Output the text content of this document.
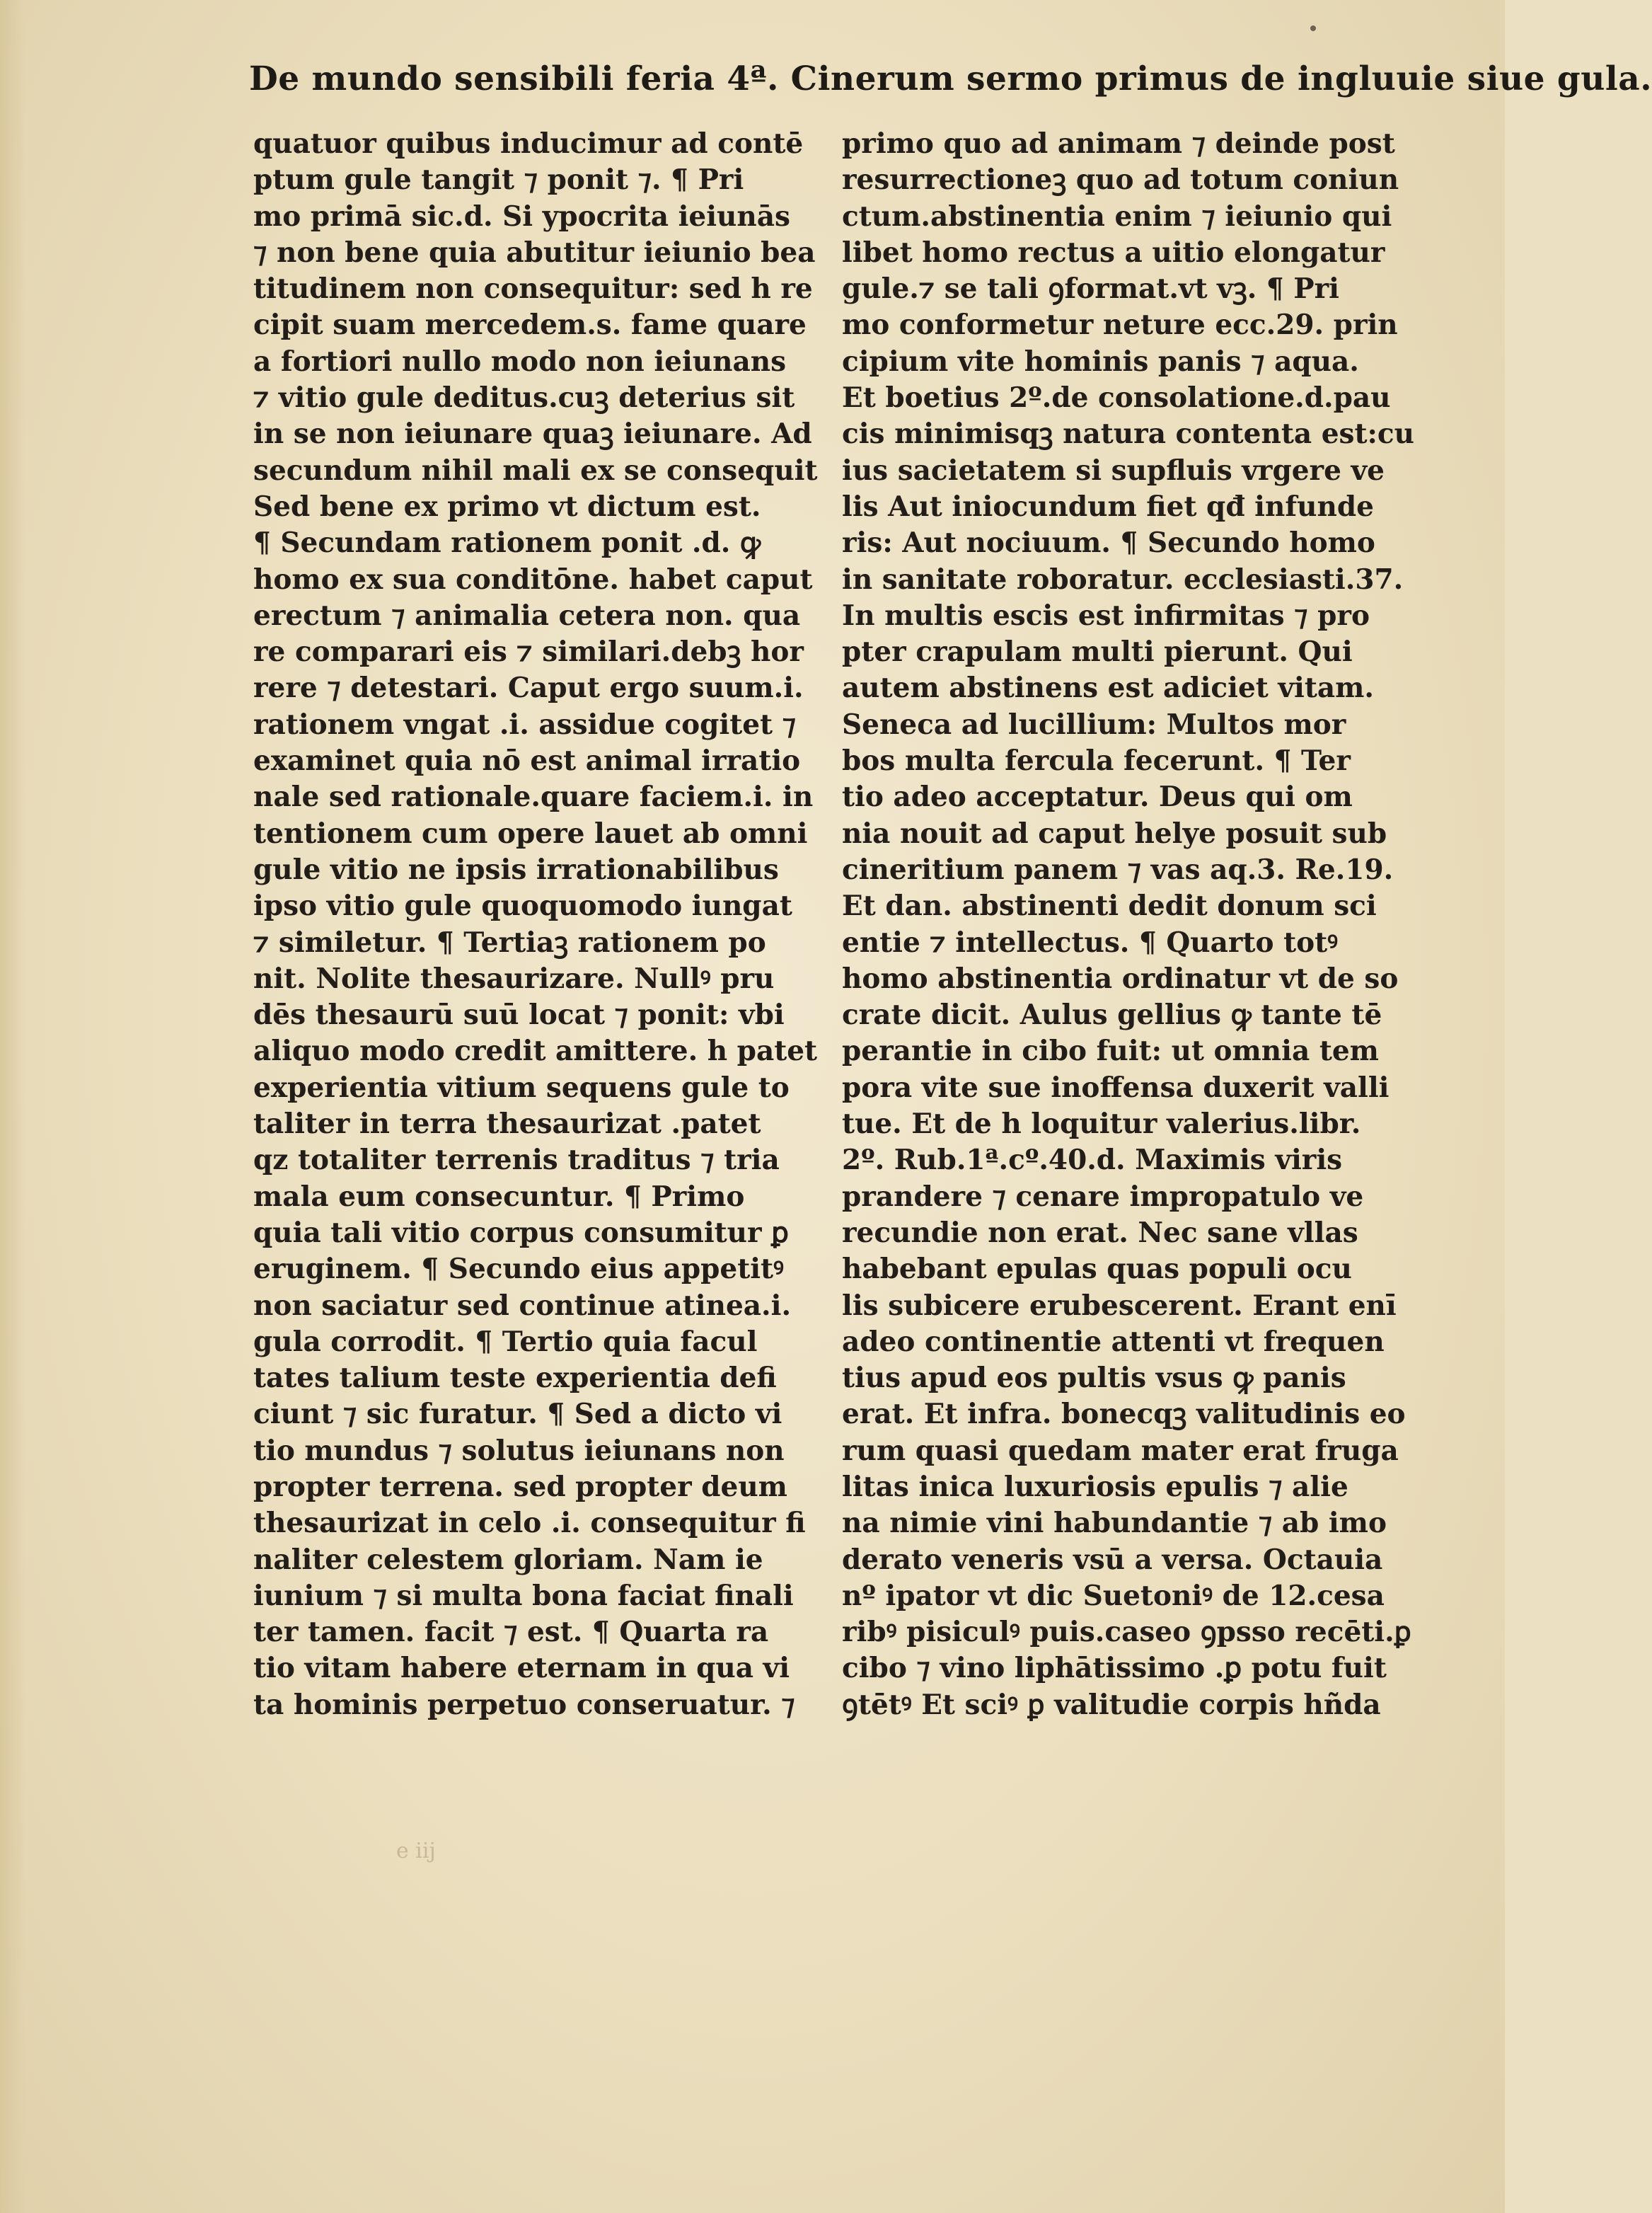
De mundo sensibili feria 4ª. Cinerum sermo primus de ingluuie siue gula.
quatuor quibus inducimur ad contē
ptum gule tangit ⁊ ponit ⁊. ¶ Pri
mo primā sic.d. Si ypocrita ieiunās
⁊ non bene quia abutitur ieiunio bea
titudinem non consequitur: sed h re
cipit suam mercedem.s. fame quare
a fortiori nullo modo non ieiunans
⁊ vitio gule deditus.cuꝫ deterius sit
in se non ieiunare quaꝫ ieiunare. Ad
secundum nihil mali ex se consequit
Sed bene ex primo vt dictum est.
¶ Secundam rationem ponit .d. ꝙ
homo ex sua conditōne. habet caput
erectum ⁊ animalia cetera non. qua
re comparari eis ⁊ similari.debꝫ hor
rere ⁊ detestari. Caput ergo suum.i.
rationem vngat .i. assidue cogitet ⁊
examinet quia nō est animal irratio
nale sed rationale.quare faciem.i. in
tentionem cum opere lauet ab omni
gule vitio ne ipsis irrationabilibus
ipso vitio gule quoquomodo iungat
⁊ similetur. ¶ Tertiaꝫ rationem po
nit. Nolite thesaurizare. Nullꝰ pru
dēs thesaurū suū locat ⁊ ponit: vbi
aliquo modo credit amittere. h patet
experientia vitium sequens gule to
taliter in terra thesaurizat .patet
qz totaliter terrenis traditus ⁊ tria
mala eum consecuntur. ¶ Primo
quia tali vitio corpus consumitur ꝑ
eruginem. ¶ Secundo eius appetitꝰ
non saciatur sed continue atinea.i.
gula corrodit. ¶ Tertio quia facul
tates talium teste experientia defi
ciunt ⁊ sic furatur. ¶ Sed a dicto vi
tio mundus ⁊ solutus ieiunans non
propter terrena. sed propter deum
thesaurizat in celo .i. consequitur fi
naliter celestem gloriam. Nam ie
iunium ⁊ si multa bona faciat finali
ter tamen. facit ⁊ est. ¶ Quarta ra
tio vitam habere eternam in qua vi
ta hominis perpetuo conseruatur. ⁊
primo quo ad animam ⁊ deinde post
resurrectioneꝫ quo ad totum coniun
ctum.abstinentia enim ⁊ ieiunio qui
libet homo rectus a uitio elongatur
gule.⁊ se tali ꝯformat.vt vꝫ. ¶ Pri
mo conformetur neture ecc.29. prin
cipium vite hominis panis ⁊ aqua.
Et boetius 2º.de consolatione.d.pau
cis minimisqꝫ natura contenta est:cu
ius sacietatem si supfluis vrgere ve
lis Aut iniocundum fiet qđ infunde
ris: Aut nociuum. ¶ Secundo homo
in sanitate roboratur. ecclesiasti.37.
In multis escis est infirmitas ⁊ pro
pter crapulam multi pierunt. Qui
autem abstinens est adiciet vitam.
Seneca ad lucillium: Multos mor
bos multa fercula fecerunt. ¶ Ter
tio adeo acceptatur. Deus qui om
nia nouit ad caput helye posuit sub
cineritium panem ⁊ vas aq.3. Re.19.
Et dan. abstinenti dedit donum sci
entie ⁊ intellectus. ¶ Quarto totꝰ
homo abstinentia ordinatur vt de so
crate dicit. Aulus gellius ꝙ tante tē
perantie in cibo fuit: ut omnia tem
pora vite sue inoffensa duxerit valli
tue. Et de h loquitur valerius.libr.
2º. Rub.1ª.cº.40.d. Maximis viris
prandere ⁊ cenare impropatulo ve
recundie non erat. Nec sane vllas
habebant epulas quas populi ocu
lis subicere erubescerent. Erant enī
adeo continentie attenti vt frequen
tius apud eos pultis vsus ꝙ panis
erat. Et infra. bonecqꝫ valitudinis eo
rum quasi quedam mater erat fruga
litas inica luxuriosis epulis ⁊ alie
na nimie vini habundantie ⁊ ab imo
derato veneris vsū a versa. Octauia
nº ipator vt dic Suetoniꝰ de 12.cesa
ribꝰ pisiculꝰ puis.caseo ꝯpsso recēti.ꝑ
cibo ⁊ vino liphātissimo .ꝑ potu fuit
ꝯtētꝰ Et sciꝰ ꝑ valitudie corpis hñda
e iij
